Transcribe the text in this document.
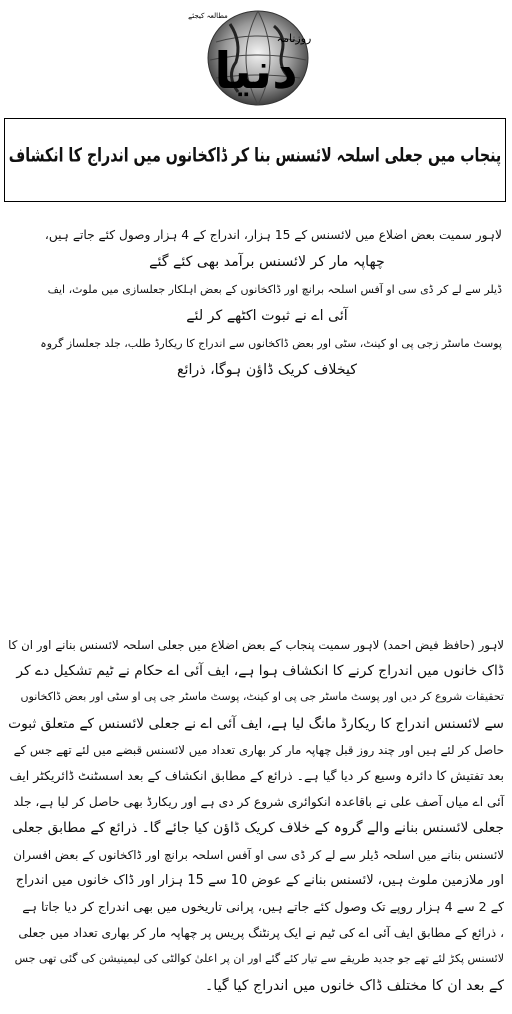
دنیا
روزنامہ
مطالعہ کیجئے
پنجاب میں جعلی اسلحہ لائسنس بنا کر ڈاکخانوں میں اندراج کا انکشاف
لاہور سمیت بعض اضلاع میں لائسنس کے 15 ہزار، اندراج کے 4 ہزار وصول کئے جاتے ہیں،
چھاپہ مار کر لائسنس برآمد بھی کئے گئے
ڈیلر سے لے کر ڈی سی او آفس اسلحہ برانچ اور ڈاکخانوں کے بعض اہلکار جعلسازی میں ملوث، ایف
آئی اے نے ثبوت اکٹھے کر لئے
پوسٹ ماسٹر زجی پی او کینٹ، سٹی اور بعض ڈاکخانوں سے اندراج کا ریکارڈ طلب، جلد جعلساز گروہ
کیخلاف کریک ڈاؤن ہوگا، ذرائع
لاہور (حافظ فیض احمد) لاہور سمیت پنجاب کے بعض اضلاع میں جعلی اسلحہ لائسنس بنانے اور ان کا
ڈاک خانوں میں اندراج کرنے کا انکشاف ہوا ہے، ایف آئی اے حکام نے ٹیم تشکیل دے کر
تحقیقات شروع کر دیں اور پوسٹ ماسٹر جی پی او کینٹ، پوسٹ ماسٹر جی پی او سٹی اور بعض ڈاکخانوں
سے لائسنس اندراج کا ریکارڈ مانگ لیا ہے، ایف آئی اے نے جعلی لائسنس کے متعلق ثبوت
حاصل کر لئے ہیں اور چند روز قبل چھاپہ مار کر بھاری تعداد میں لائسنس قبضے میں لئے تھے جس کے
بعد تفتیش کا دائرہ وسیع کر دیا گیا ہے۔ ذرائع کے مطابق انکشاف کے بعد اسسٹنٹ ڈائریکٹر ایف
آئی اے میاں آصف علی نے باقاعدہ انکوائری شروع کر دی ہے اور ریکارڈ بھی حاصل کر لیا ہے، جلد
جعلی لائسنس بنانے والے گروہ کے خلاف کریک ڈاؤن کیا جائے گا۔ ذرائع کے مطابق جعلی
لائسنس بنانے میں اسلحہ ڈیلر سے لے کر ڈی سی او آفس اسلحہ برانچ اور ڈاکخانوں کے بعض افسران
اور ملازمین ملوث ہیں، لائسنس بنانے کے عوض 10 سے 15 ہزار اور ڈاک خانوں میں اندراج
کے 2 سے 4 ہزار روپے تک وصول کئے جاتے ہیں، پرانی تاریخوں میں بھی اندراج کر دیا جاتا ہے
، ذرائع کے مطابق ایف آئی اے کی ٹیم نے ایک پرنٹنگ پریس پر چھاپہ مار کر بھاری تعداد میں جعلی
لائسنس پکڑ لئے تھے جو جدید طریقے سے تیار کئے گئے اور ان پر اعلیٰ کوالٹی کی لیمینیشن کی گئی تھی جس
کے بعد ان کا مختلف ڈاک خانوں میں اندراج کیا گیا۔
